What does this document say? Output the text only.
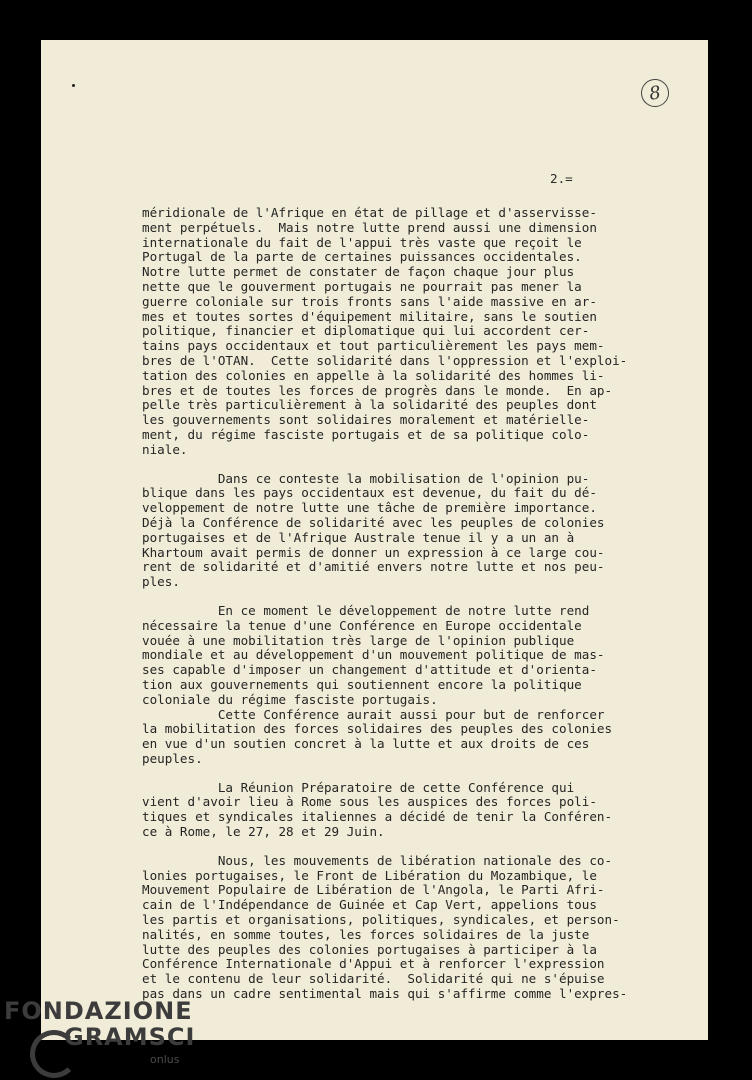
8
2.=
méridionale de l'Afrique en état de pillage et d'asservisse-
ment perpétuels.  Mais notre lutte prend aussi une dimension
internationale du fait de l'appui très vaste que reçoit le
Portugal de la parte de certaines puissances occidentales.
Notre lutte permet de constater de façon chaque jour plus
nette que le gouverment portugais ne pourrait pas mener la
guerre coloniale sur trois fronts sans l'aide massive en ar-
mes et toutes sortes d'équipement militaire, sans le soutien
politique, financier et diplomatique qui lui accordent cer-
tains pays occidentaux et tout particulièrement les pays mem-
bres de l'OTAN.  Cette solidarité dans l'oppression et l'exploi-
tation des colonies en appelle à la solidarité des hommes li-
bres et de toutes les forces de progrès dans le monde.  En ap-
pelle très particulièrement à la solidarité des peuples dont
les gouvernements sont solidaires moralement et matérielle-
ment, du régime fasciste portugais et de sa politique colo-
niale.
Dans ce conteste la mobilisation de l'opinion pu-
blique dans les pays occidentaux est devenue, du fait du dé-
veloppement de notre lutte une tâche de première importance.
Déjà la Conférence de solidarité avec les peuples de colonies
portugaises et de l'Afrique Australe tenue il y a un an à
Khartoum avait permis de donner un expression à ce large cou-
rent de solidarité et d'amitié envers notre lutte et nos peu-
ples.
En ce moment le développement de notre lutte rend
nécessaire la tenue d'une Conférence en Europe occidentale
vouée à une mobilitation très large de l'opinion publique
mondiale et au développement d'un mouvement politique de mas-
ses capable d'imposer un changement d'attitude et d'orienta-
tion aux gouvernements qui soutiennent encore la politique
coloniale du régime fasciste portugais.
Cette Conférence aurait aussi pour but de renforcer
la mobilitation des forces solidaires des peuples des colonies
en vue d'un soutien concret à la lutte et aux droits de ces
peuples.
La Réunion Préparatoire de cette Conférence qui
vient d'avoir lieu à Rome sous les auspices des forces poli-
tiques et syndicales italiennes a décidé de tenir la Conféren-
ce à Rome, le 27, 28 et 29 Juin.
Nous, les mouvements de libération nationale des co-
lonies portugaises, le Front de Libération du Mozambique, le
Mouvement Populaire de Libération de l'Angola, le Parti Afri-
cain de l'Indépendance de Guinée et Cap Vert, appelions tous
les partis et organisations, politiques, syndicales, et person-
nalités, en somme toutes, les forces solidaires de la juste
lutte des peuples des colonies portugaises à participer à la
Conférence Internationale d'Appui et à renforcer l'expression
et le contenu de leur solidarité.  Solidarité qui ne s'épuise
pas dans un cadre sentimental mais qui s'affirme comme l'expres-
FONDAZIONE
GRAMSCI
onlus
